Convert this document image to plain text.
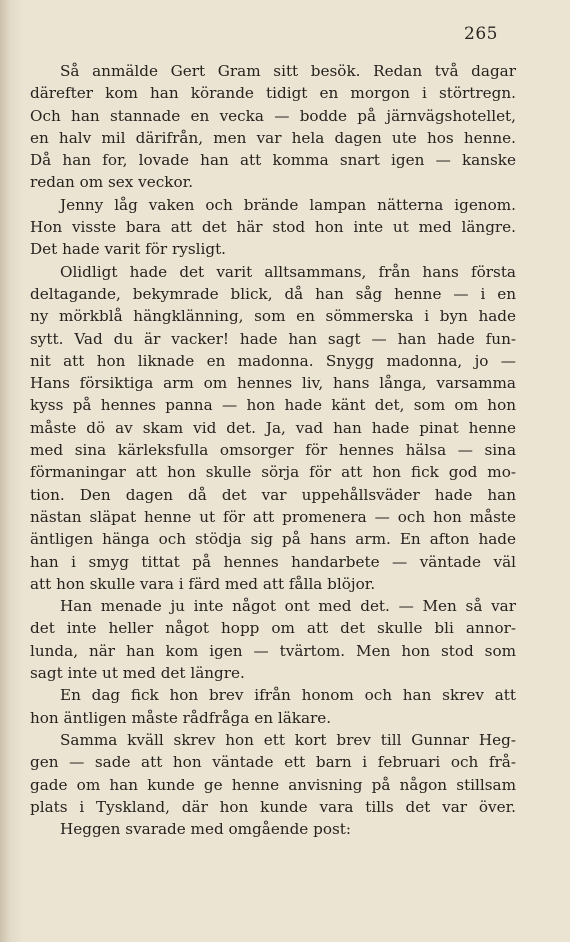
265
Så anmälde Gert Gram sitt besök. Redan två dagar
därefter kom han körande tidigt en morgon i störtregn.
Och han stannade en vecka — bodde på järnvägshotellet,
en halv mil därifrån, men var hela dagen ute hos henne.
Då han for, lovade han att komma snart igen — kanske
redan om sex veckor.
Jenny låg vaken och brände lampan nätterna igenom.
Hon visste bara att det här stod hon inte ut med längre.
Det hade varit för rysligt.
Olidligt hade det varit alltsammans, från hans första
deltagande, bekymrade blick, då han såg henne — i en
ny mörkblå hängklänning, som en sömmerska i byn hade
sytt. Vad du är vacker! hade han sagt — han hade fun-
nit att hon liknade en madonna. Snygg madonna, jo —
Hans försiktiga arm om hennes liv, hans långa, varsamma
kyss på hennes panna — hon hade känt det, som om hon
måste dö av skam vid det. Ja, vad han hade pinat henne
med sina kärleksfulla omsorger för hennes hälsa — sina
förmaningar att hon skulle sörja för att hon fick god mo-
tion. Den dagen då det var uppehållsväder hade han
nästan släpat henne ut för att promenera — och hon måste
äntligen hänga och stödja sig på hans arm. En afton hade
han i smyg tittat på hennes handarbete — väntade väl
att hon skulle vara i färd med att fålla blöjor.
Han menade ju inte något ont med det. — Men så var
det inte heller något hopp om att det skulle bli annor-
lunda, när han kom igen — tvärtom. Men hon stod som
sagt inte ut med det längre.
En dag fick hon brev ifrån honom och han skrev att
hon äntligen måste rådfråga en läkare.
Samma kväll skrev hon ett kort brev till Gunnar Heg-
gen — sade att hon väntade ett barn i februari och frå-
gade om han kunde ge henne anvisning på någon stillsam
plats i Tyskland, där hon kunde vara tills det var över.
Heggen svarade med omgående post:
